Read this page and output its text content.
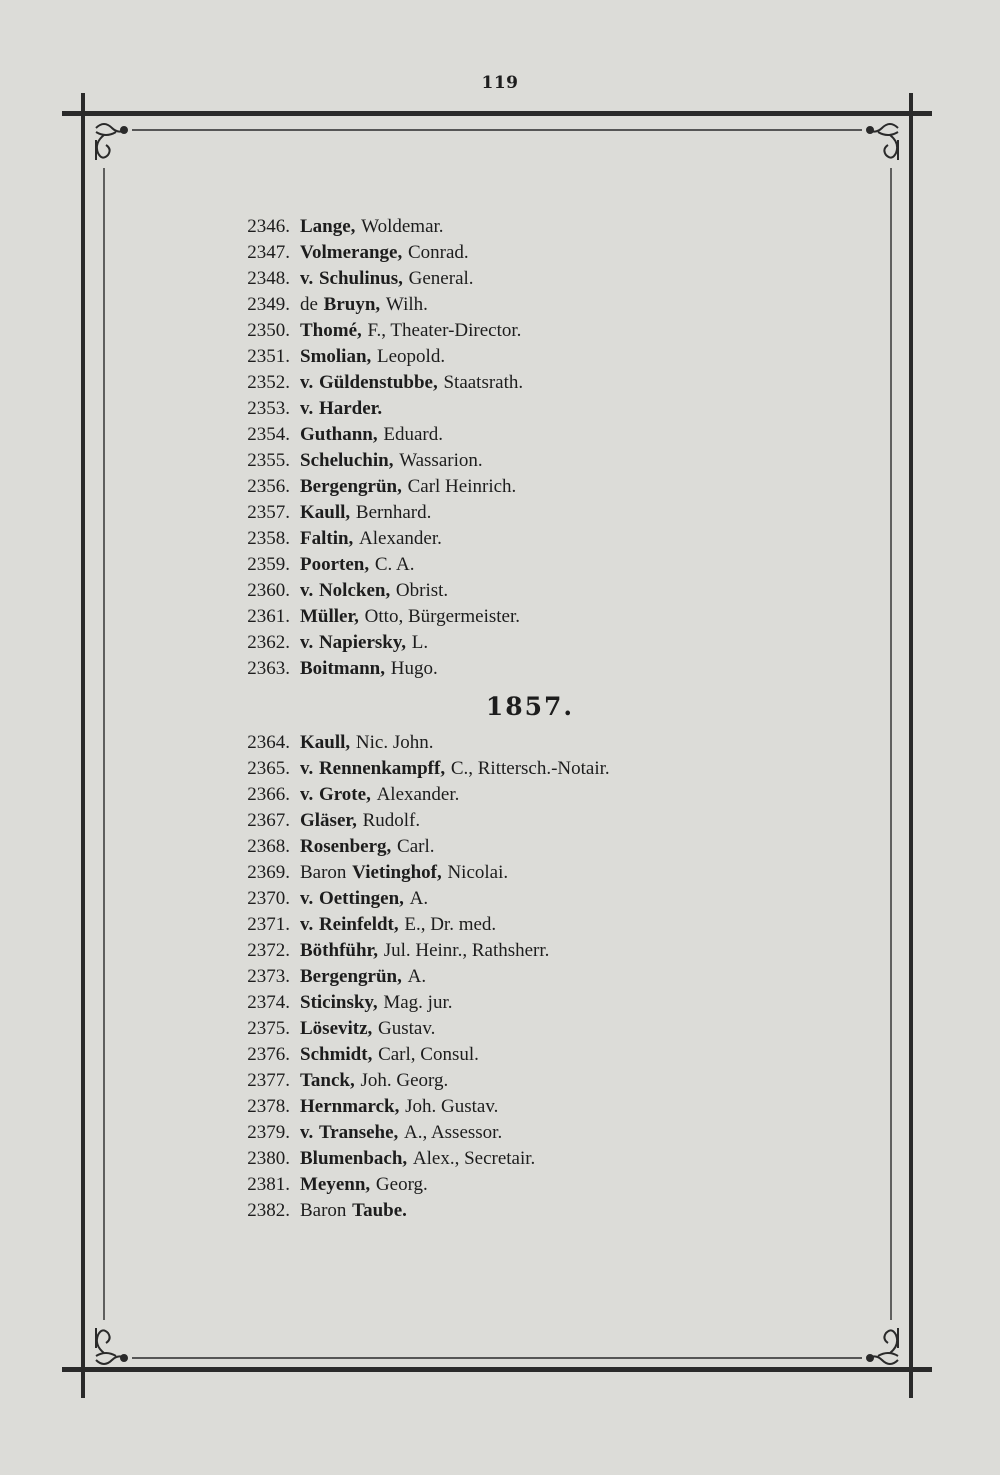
119
2346. Lange, Woldemar.
2347. Volmerange, Conrad.
2348. v. Schulinus, General.
2349. de Bruyn, Wilh.
2350. Thomé, F., Theater-Director.
2351. Smolian, Leopold.
2352. v. Güldenstubbe, Staatsrath.
2353. v. Harder.
2354. Guthann, Eduard.
2355. Scheluchin, Wassarion.
2356. Bergengrün, Carl Heinrich.
2357. Kaull, Bernhard.
2358. Faltin, Alexander.
2359. Poorten, C. A.
2360. v. Nolcken, Obrist.
2361. Müller, Otto, Bürgermeister.
2362. v. Napiersky, L.
2363. Boitmann, Hugo.
1857.
2364. Kaull, Nic. John.
2365. v. Rennenkampff, C., Rittersch.-Notair.
2366. v. Grote, Alexander.
2367. Gläser, Rudolf.
2368. Rosenberg, Carl.
2369. Baron Vietinghof, Nicolai.
2370. v. Oettingen, A.
2371. v. Reinfeldt, E., Dr. med.
2372. Böthführ, Jul. Heinr., Rathsherr.
2373. Bergengrün, A.
2374. Sticinsky, Mag. jur.
2375. Lösevitz, Gustav.
2376. Schmidt, Carl, Consul.
2377. Tanck, Joh. Georg.
2378. Hernmarck, Joh. Gustav.
2379. v. Transehe, A., Assessor.
2380. Blumenbach, Alex., Secretair.
2381. Meyenn, Georg.
2382. Baron Taube.
